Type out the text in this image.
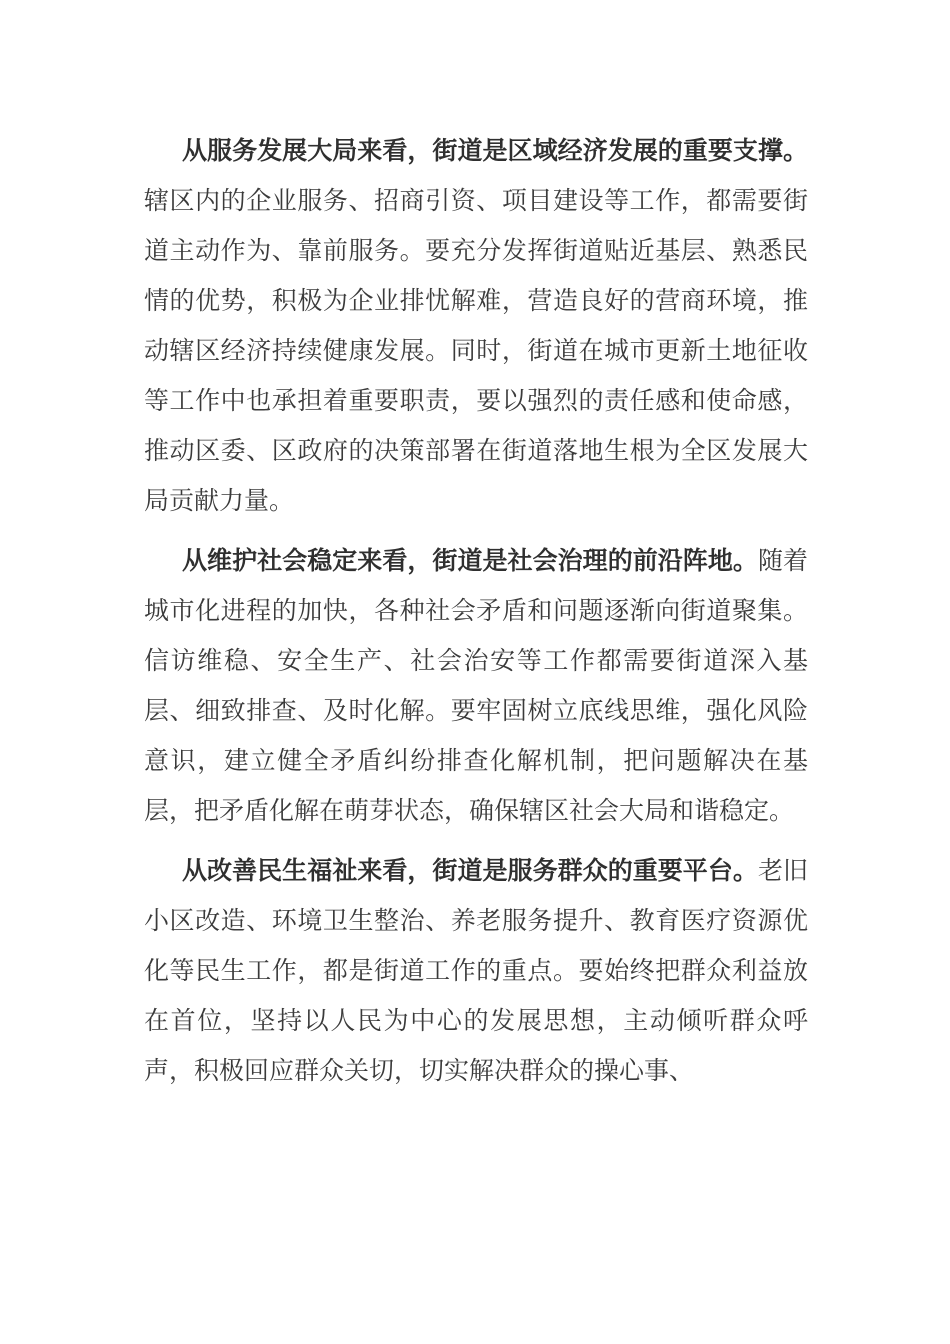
从服务发展大局来看，街道是区域经济发展的重要支撑。辖区内的企业服务、招商引资、项目建设等工作，都需要街道主动作为、靠前服务。要充分发挥街道贴近基层、熟悉民情的优势，积极为企业排忧解难，营造良好的营商环境，推动辖区经济持续健康发展。同时，街道在城市更新土地征收等工作中也承担着重要职责，要以强烈的责任感和使命感，推动区委、区政府的决策部署在街道落地生根为全区发展大局贡献力量。

从维护社会稳定来看，街道是社会治理的前沿阵地。随着城市化进程的加快，各种社会矛盾和问题逐渐向街道聚集。信访维稳、安全生产、社会治安等工作都需要街道深入基层、细致排查、及时化解。要牢固树立底线思维，强化风险意识，建立健全矛盾纠纷排查化解机制，把问题解决在基层，把矛盾化解在萌芽状态，确保辖区社会大局和谐稳定。

从改善民生福祉来看，街道是服务群众的重要平台。老旧小区改造、环境卫生整治、养老服务提升、教育医疗资源优化等民生工作，都是街道工作的重点。要始终把群众利益放在首位，坚持以人民为中心的发展思想，主动倾听群众呼声，积极回应群众关切，切实解决群众的操心事、
